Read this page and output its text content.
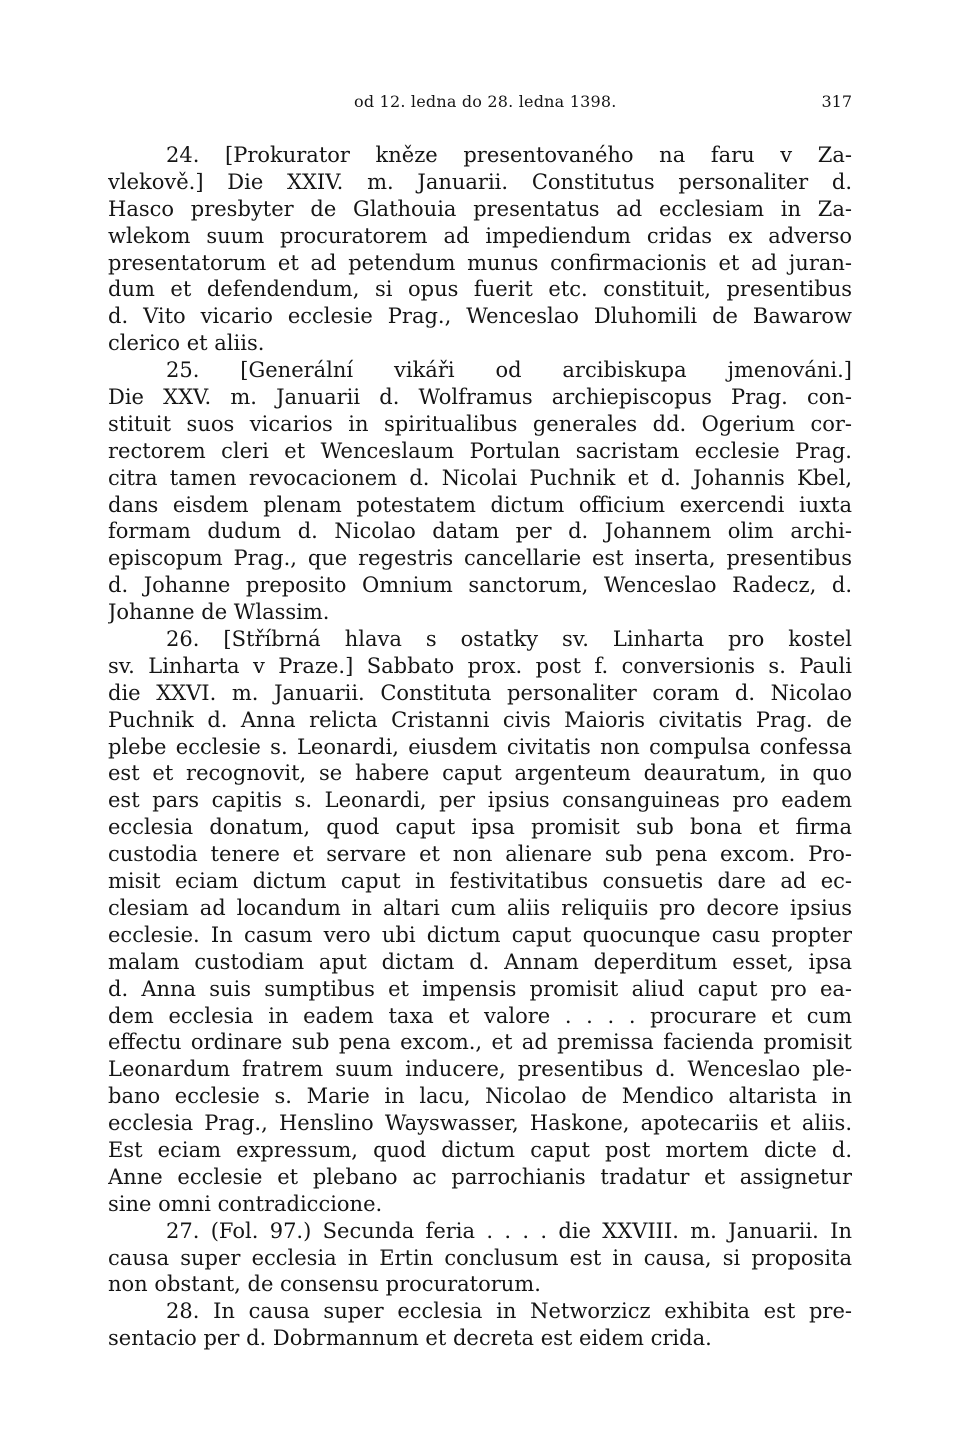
od 12. ledna do 28. ledna 1398.	317
24. [Prokurator kněze presentovaného na faru v Za-
vlekově.] Die XXIV. m. Januarii. Constitutus personaliter d.
Hasco presbyter de Glathouia presentatus ad ecclesiam in Za-
wlekom suum procuratorem ad impediendum cridas ex adverso
presentatorum et ad petendum munus confirmacionis et ad juran-
dum et defendendum, si opus fuerit etc. constituit, presentibus
d. Vito vicario ecclesie Prag., Wenceslao Dluhomili de Bawarow
clerico et aliis.
25. [Generální vikáři od arcibiskupa jmenováni.]
Die XXV. m. Januarii d. Wolframus archiepiscopus Prag. con-
stituit suos vicarios in spiritualibus generales dd. Ogerium cor-
rectorem cleri et Wenceslaum Portulan sacristam ecclesie Prag.
citra tamen revocacionem d. Nicolai Puchnik et d. Johannis Kbel,
dans eisdem plenam potestatem dictum officium exercendi iuxta
formam dudum d. Nicolao datam per d. Johannem olim archi-
episcopum Prag., que regestris cancellarie est inserta, presentibus
d. Johanne preposito Omnium sanctorum, Wenceslao Radecz, d.
Johanne de Wlassim.
26. [Stříbrná hlava s ostatky sv. Linharta pro kostel
sv. Linharta v Praze.] Sabbato prox. post f. conversionis s. Pauli
die XXVI. m. Januarii. Constituta personaliter coram d. Nicolao
Puchnik d. Anna relicta Cristanni civis Maioris civitatis Prag. de
plebe ecclesie s. Leonardi, eiusdem civitatis non compulsa confessa
est et recognovit, se habere caput argenteum deauratum, in quo
est pars capitis s. Leonardi, per ipsius consanguineas pro eadem
ecclesia donatum, quod caput ipsa promisit sub bona et firma
custodia tenere et servare et non alienare sub pena excom. Pro-
misit eciam dictum caput in festivitatibus consuetis dare ad ec-
clesiam ad locandum in altari cum aliis reliquiis pro decore ipsius
ecclesie. In casum vero ubi dictum caput quocunque casu propter
malam custodiam aput dictam d. Annam deperditum esset, ipsa
d. Anna suis sumptibus et impensis promisit aliud caput pro ea-
dem ecclesia in eadem taxa et valore . . . . procurare et cum
effectu ordinare sub pena excom., et ad premissa facienda promisit
Leonardum fratrem suum inducere, presentibus d. Wenceslao ple-
bano ecclesie s. Marie in lacu, Nicolao de Mendico altarista in
ecclesia Prag., Henslino Wayswasser, Haskone, apotecariis et aliis.
Est eciam expressum, quod dictum caput post mortem dicte d.
Anne ecclesie et plebano ac parrochianis tradatur et assignetur
sine omni contradiccione.
27. (Fol. 97.) Secunda feria . . . . die XXVIII. m. Januarii. In
causa super ecclesia in Ertin conclusum est in causa, si proposita
non obstant, de consensu procuratorum.
28. In causa super ecclesia in Networzicz exhibita est pre-
sentacio per d. Dobrmannum et decreta est eidem crida.
